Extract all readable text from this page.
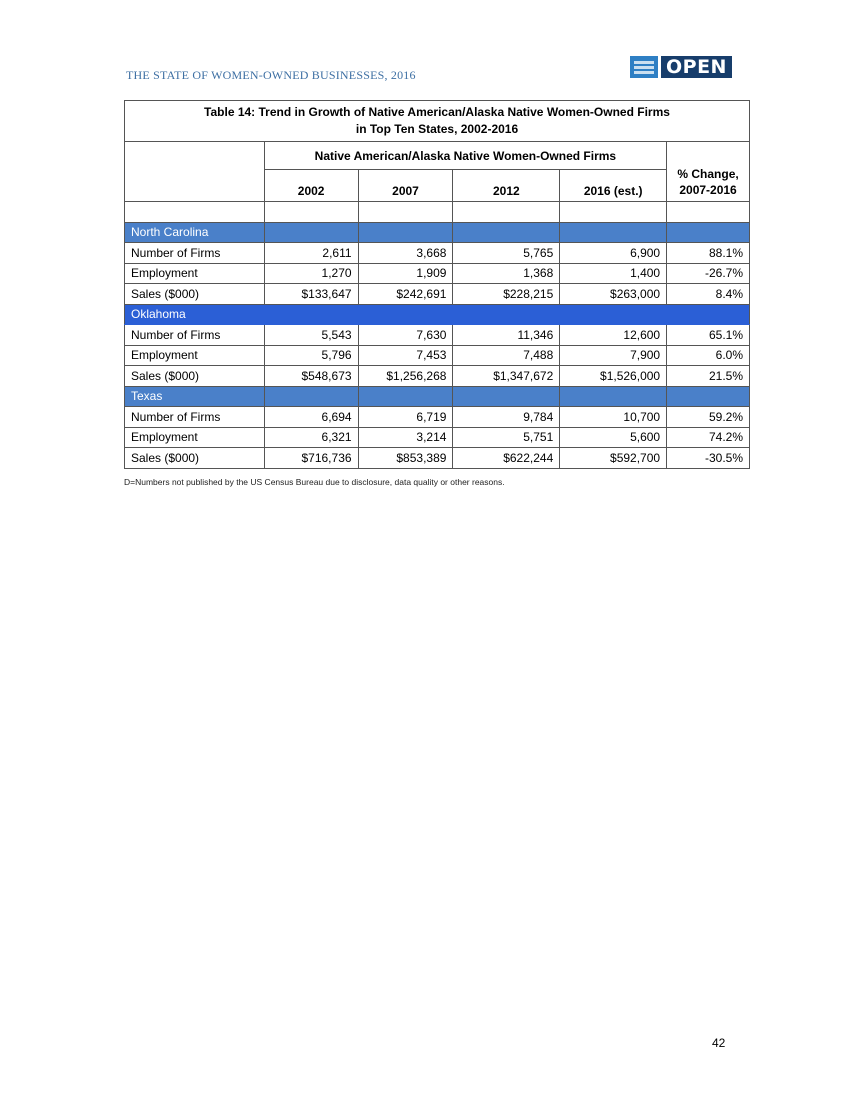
THE STATE OF WOMEN-OWNED BUSINESSES, 2016	OPEN
Table 14: Trend in Growth of Native American/Alaska Native Women-Owned Firms
in Top Ten States, 2002-2016					

	Native American/Alaska Native Women-Owned Firms				% Change,
2007-2016

	2002	2007	2012	2016 (est.)	

North Carolina					
Number of Firms	2,611	3,668	5,765	6,900	88.1%
Employment	1,270	1,909	1,368	1,400	-26.7%
Sales ($000)	$133,647	$242,691	$228,215	$263,000	8.4%
Oklahoma					
Number of Firms	5,543	7,630	11,346	12,600	65.1%
Employment	5,796	7,453	7,488	7,900	6.0%
Sales ($000)	$548,673	$1,256,268	$1,347,672	$1,526,000	21.5%
Texas					
Number of Firms	6,694	6,719	9,784	10,700	59.2%
Employment	6,321	3,214	5,751	5,600	74.2%
Sales ($000)	$716,736	$853,389	$622,244	$592,700	-30.5%
D=Numbers not published by the US Census Bureau due to disclosure, data quality or other reasons.
42
